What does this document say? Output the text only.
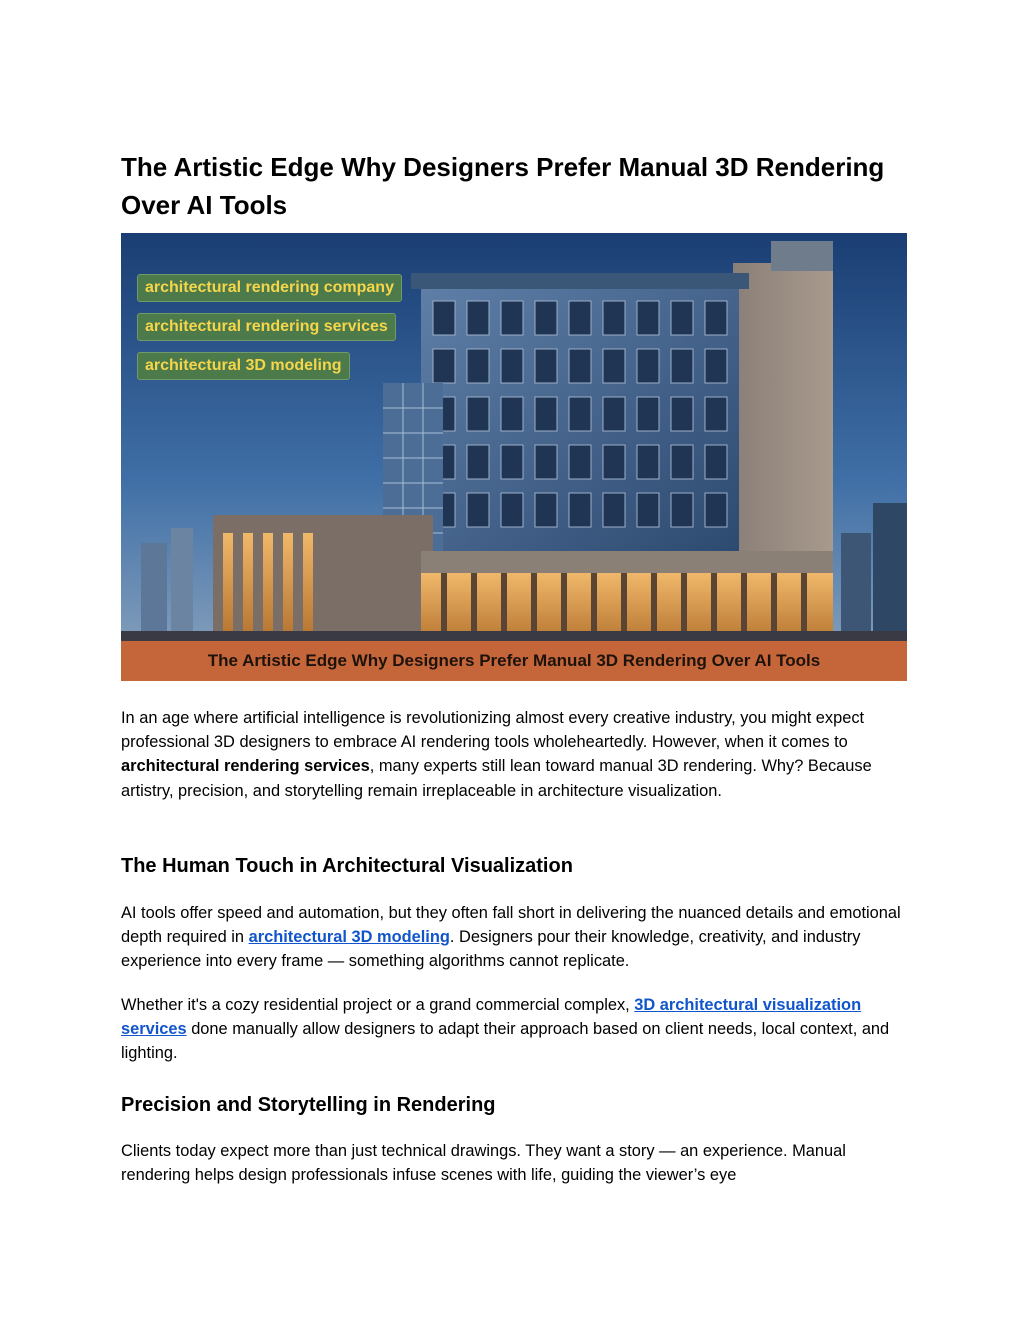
The Artistic Edge Why Designers Prefer Manual 3D Rendering Over AI Tools
architectural rendering company
architectural rendering services
architectural 3D modeling
The Artistic Edge Why Designers Prefer Manual 3D Rendering Over AI Tools

In an age where artificial intelligence is revolutionizing almost every creative industry, you might expect professional 3D designers to embrace AI rendering tools wholeheartedly. However, when it comes to architectural rendering services, many experts still lean toward manual 3D rendering. Why? Because artistry, precision, and storytelling remain irreplaceable in architecture visualization.

The Human Touch in Architectural Visualization

AI tools offer speed and automation, but they often fall short in delivering the nuanced details and emotional depth required in architectural 3D modeling. Designers pour their knowledge, creativity, and industry experience into every frame — something algorithms cannot replicate.

Whether it's a cozy residential project or a grand commercial complex, 3D architectural visualization services done manually allow designers to adapt their approach based on client needs, local context, and lighting.

Precision and Storytelling in Rendering

Clients today expect more than just technical drawings. They want a story — an experience. Manual rendering helps design professionals infuse scenes with life, guiding the viewer’s eye
